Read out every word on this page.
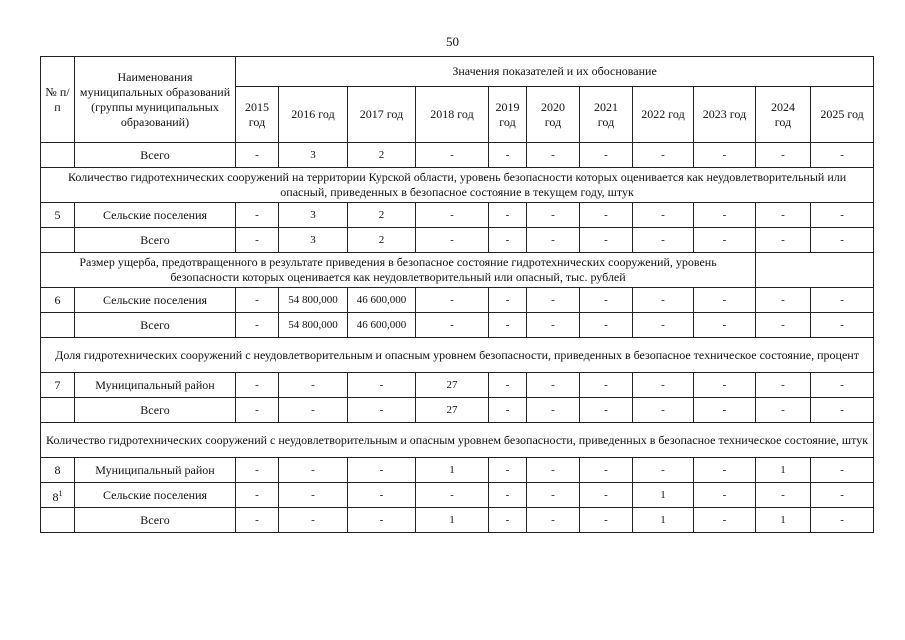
50
№ п/п	Наименования муниципальных образований (группы муниципальных образований)	Значения показателей и их обоснование										
		2015 год	2016 год	2017 год	2018 год	2019 год	2020 год	2021 год	2022 год	2023 год	2024 год	2025 год
	Всего	-	3	2	-	-	-	-	-	-	-	-
Количество гидротехнических сооружений на территории Курской области, уровень безопасности которых оценивается как неудовлетворительный или опасный, приведенных в безопасное состояние в текущем году, штук												
5	Сельские поселения	-	3	2	-	-	-	-	-	-	-	-
	Всего	-	3	2	-	-	-	-	-	-	-	-
Размер ущерба, предотвращенного в результате приведения в безопасное состояние гидротехнических сооружений, уровень безопасности которых оценивается как неудовлетворительный или опасный, тыс. рублей												
6	Сельские поселения	-	54 800,000	46 600,000	-	-	-	-	-	-	-	-
	Всего	-	54 800,000	46 600,000	-	-	-	-	-	-	-	-
Доля гидротехнических сооружений с неудовлетворительным и опасным уровнем безопасности, приведенных в безопасное техническое состояние, процент												
7	Муниципальный район	-	-	-	27	-	-	-	-	-	-	-
	Всего	-	-	-	27	-	-	-	-	-	-	-
Количество гидротехнических сооружений с неудовлетворительным и опасным уровнем безопасности, приведенных в безопасное техническое состояние, штук												
8	Муниципальный район	-	-	-	1	-	-	-	-	-	1	-
$8^1$	Сельские поселения	-	-	-	-	-	-	-	1	-	-	-
	Всего	-	-	-	1	-	-	-	1	-	1	-
